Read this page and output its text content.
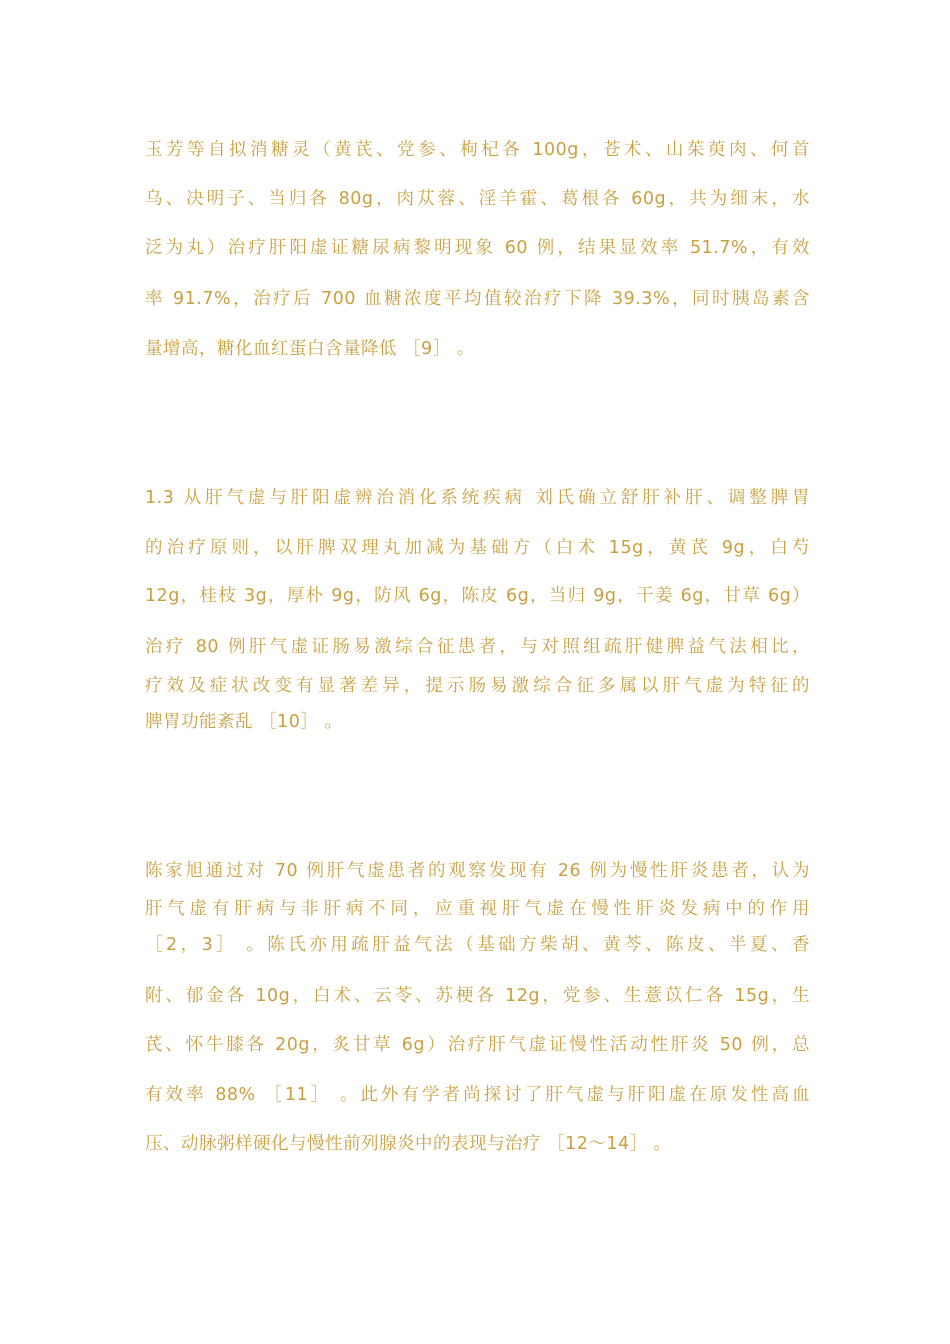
玉芳等自拟消糖灵（黄芪、党参、枸杞各 100g，苍术、山茱萸肉、何首

乌、决明子、当归各 80g，肉苁蓉、淫羊霍、葛根各 60g，共为细末，水

泛为丸）治疗肝阳虚证糖尿病黎明现象 60 例，结果显效率 51.7%，有效

率 91.7%，治疗后 700 血糖浓度平均值较治疗下降 39.3%，同时胰岛素含

量增高，糖化血红蛋白含量降低 ［9］ 。

1.3 从肝气虚与肝阳虚辨治消化系统疾病 刘氏确立舒肝补肝、调整脾胃

的治疗原则，以肝脾双理丸加减为基础方（白术 15g，黄芪 9g，白芍

12g，桂枝 3g，厚朴 9g，防风 6g，陈皮 6g，当归 9g，干姜 6g，甘草 6g）

治疗 80 例肝气虚证肠易激综合征患者，与对照组疏肝健脾益气法相比，

疗效及症状改变有显著差异，提示肠易激综合征多属以肝气虚为特征的

脾胃功能紊乱 ［10］ 。

陈家旭通过对 70 例肝气虚患者的观察发现有 26 例为慢性肝炎患者，认为

肝气虚有肝病与非肝病不同，应重视肝气虚在慢性肝炎发病中的作用

［2，3］ 。陈氏亦用疏肝益气法（基础方柴胡、黄芩、陈皮、半夏、香

附、郁金各 10g，白术、云苓、苏梗各 12g，党参、生薏苡仁各 15g，生

芪、怀牛膝各 20g，炙甘草 6g）治疗肝气虚证慢性活动性肝炎 50 例，总

有效率 88% ［11］ 。此外有学者尚探讨了肝气虚与肝阳虚在原发性高血

压、动脉粥样硬化与慢性前列腺炎中的表现与治疗 ［12～14］ 。
